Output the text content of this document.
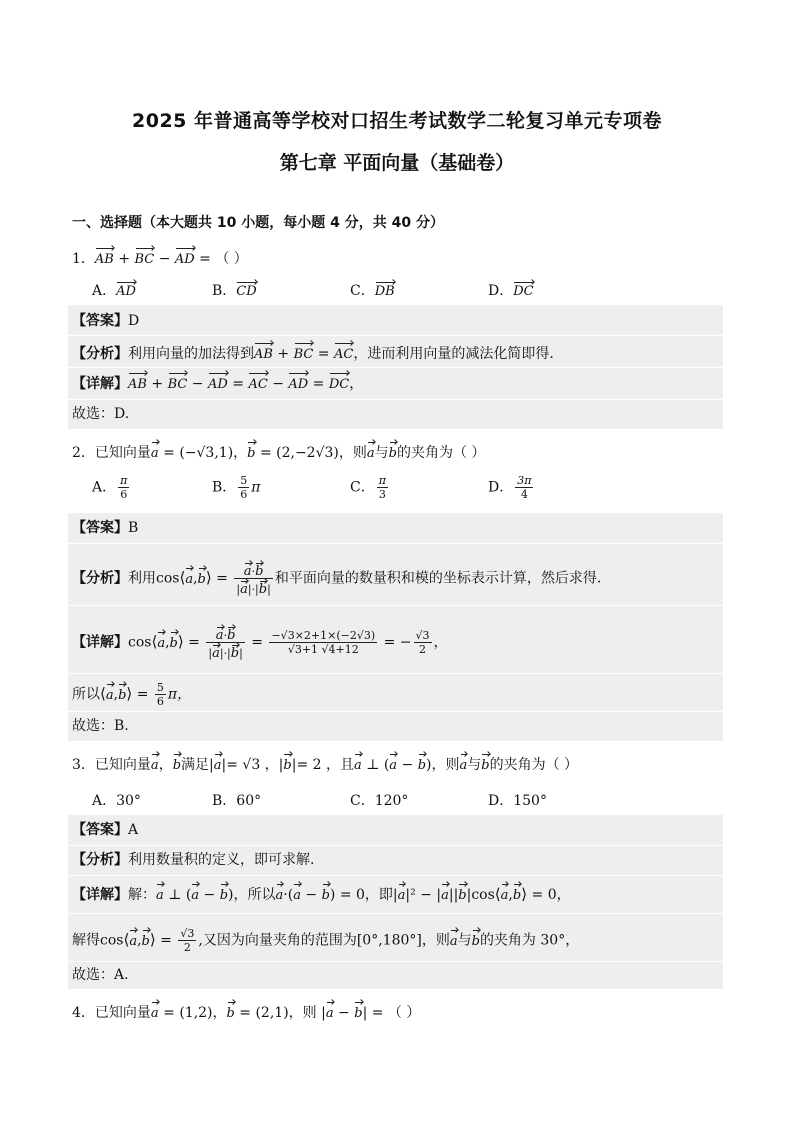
2025 年普通高等学校对口招生考试数学二轮复习单元专项卷
第七章 平面向量（基础卷）
一、选择题（本大题共 10 小题，每小题 4 分，共 40 分）
1．AB + BC − AD = （ ）
A．AD	B．CD	C．DB	D．DC
【答案】D
【分析】利用向量的加法得到AB + BC = AC，进而利用向量的减法化简即得.
【详解】AB + BC − AD = AC − AD = DC，
故选：D.
2．已知向量a = (−√3,1)，b = (2,−2√3)，则a与b的夹角为（ ）
A． $\frac{\pi}{6}$	B． $\frac{5}{6}$ π	C． $\frac{\pi}{3}$	D． $\frac{3\pi}{4}$
【答案】B
【分析】利用cos⟨a,b⟩ = $\frac{a\cdot b}{|a|\cdot|b|}$ 和平面向量的数量积和模的坐标表示计算，然后求得.
【详解】cos⟨a,b⟩ = $\frac{a\cdot b}{|a|\cdot|b|} = \frac{-√3\times 2+1\times(-2√3)}{√3+1 √4+12}$ = − $\frac{√3}{2}$ ，
所以⟨a,b⟩ = $\frac{5}{6}$ π，
故选：B.
3．已知向量a，b满足|a|= √3 ，|b|= 2 ，且a ⊥ (a − b)，则a与b的夹角为（ ）
A．30°	B．60°	C．120°	D．150°
【答案】A
【分析】利用数量积的定义，即可求解.
【详解】解：a ⊥ (a − b)，所以a·(a − b) = 0，即|a|² − |a||b|cos⟨a,b⟩ = 0，
解得cos⟨a,b⟩ = $\frac{√3}{2}$ ,又因为向量夹角的范围为[0°,180°]，则a与b的夹角为 30°，
故选：A.
4．已知向量a = (1,2)，b = (2,1)，则 |a − b| = （ ）
